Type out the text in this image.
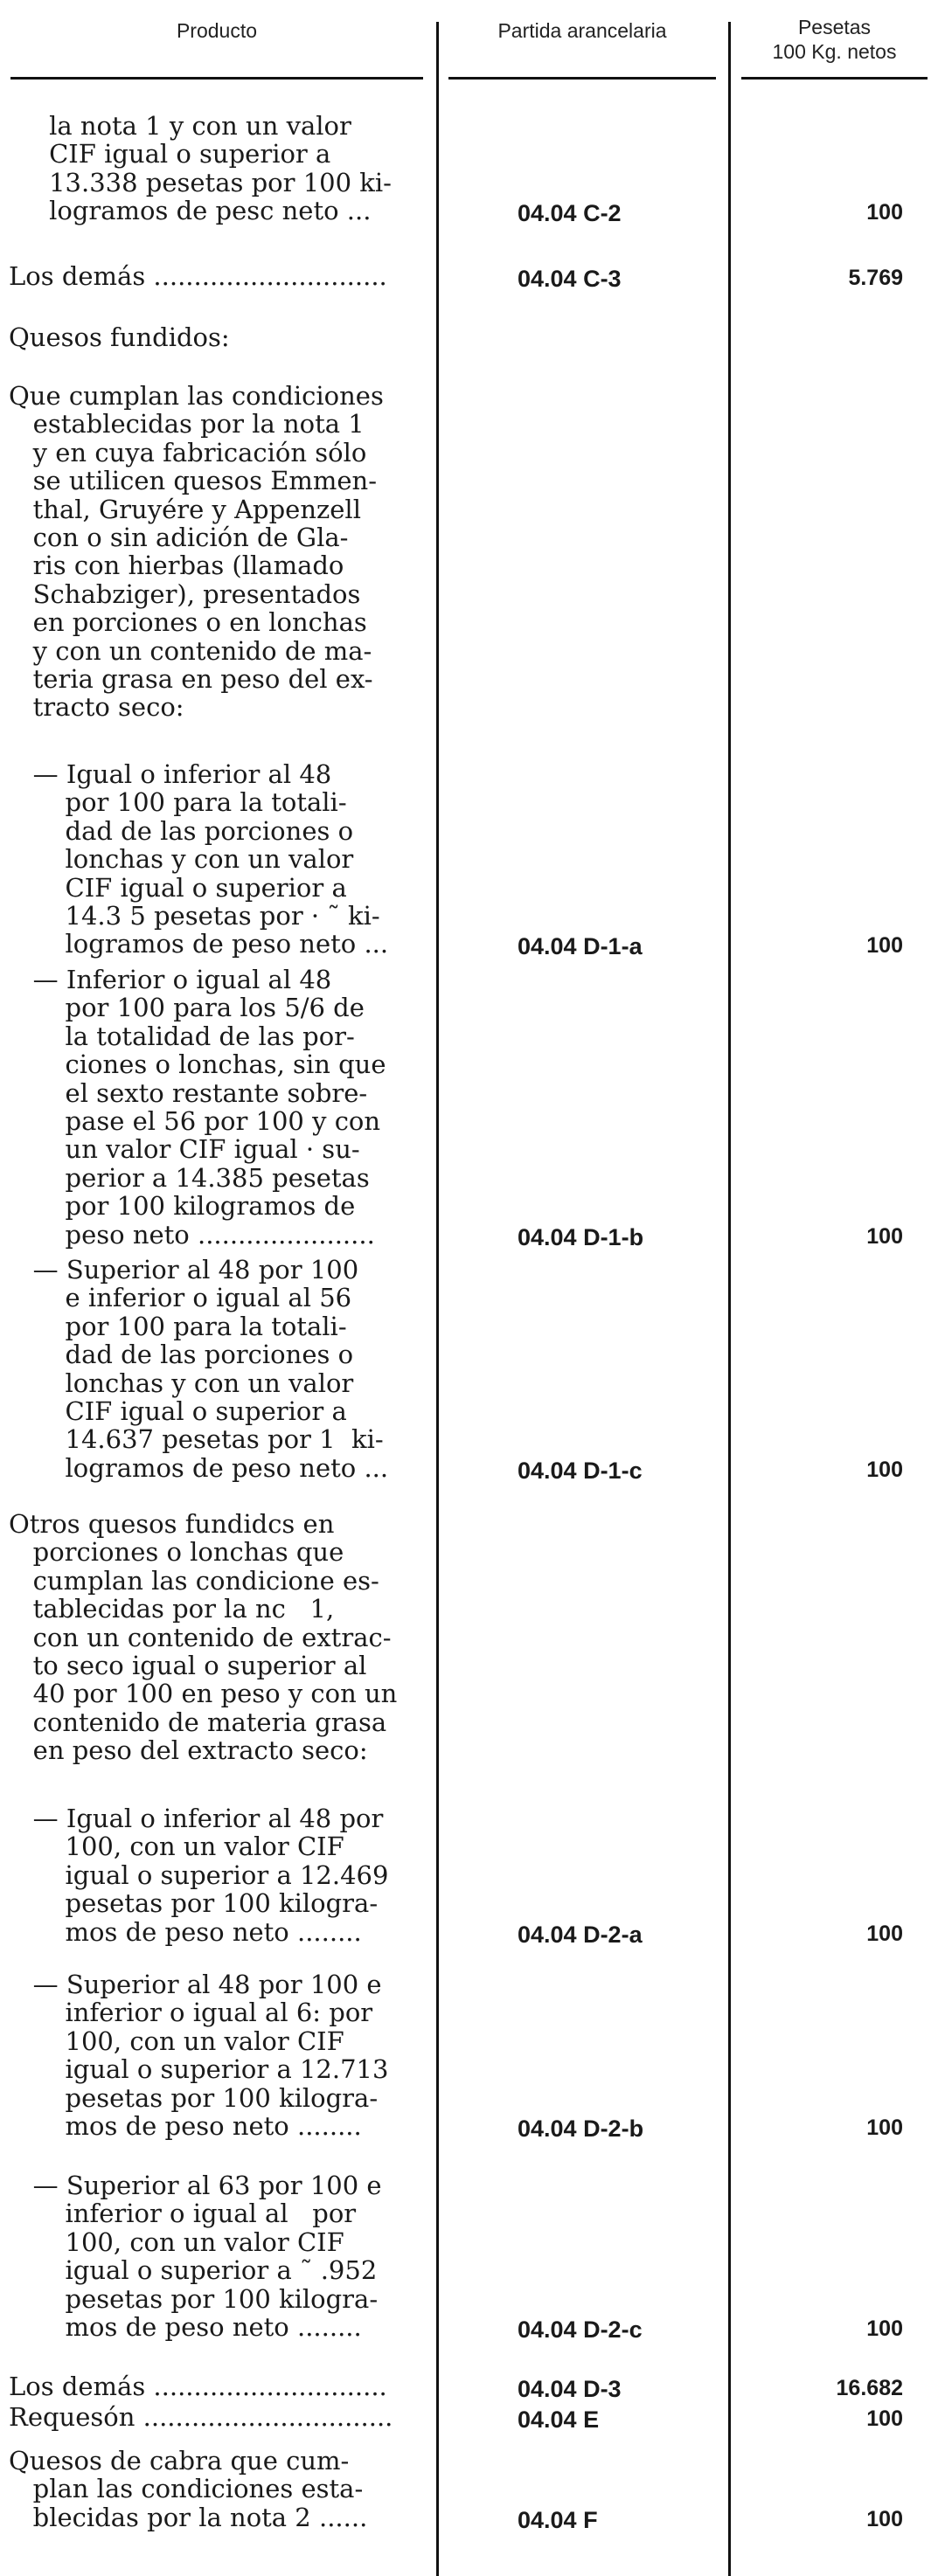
Producto	Partida arancelaria	Pesetas
100 Kg. netos
la nota 1 y con un valor
CIF igual o superior a
13.338 pesetas por 100 ki-
logramos de pesc neto ...	04.04 C-2	100
Los demás .............................	04.04 C-3	5.769
Quesos fundidos:
Que cumplan las condiciones
establecidas por la nota 1
y en cuya fabricación sólo
se utilicen quesos Emmen-
thal, Gruyére y Appenzell
con o sin adición de Gla-
ris con hierbas (llamado
Schabziger), presentados
en porciones o en lonchas
y con un contenido de ma-
teria grasa en peso del ex-
tracto seco:
— Igual o inferior al 48
por 100 para la totali-
dad de las porciones o
lonchas y con un valor
CIF igual o superior a
14.3⁠ ⁠5 pesetas por · ˜ ki-
logramos de peso neto ...	04.04 D-1-a	100
— Inferior o igual al 48
por 100 para los 5/6 de
la totalidad de las por-
ciones o lonchas, sin que
el sexto restante sobre-
pase el 56 por 100 y con
un valor CIF igual · su-
perior a 14.385 pesetas
por 100 kilogramos de
peso neto ......................	04.04 D-1-b	100
— Superior al 48 por 100
e inferior o igual al 56
por 100 para la totali-
dad de las porciones o
lonchas y con un valor
CIF igual o superior a
14.637 pesetas por 1  ki-
logramos de peso neto ...	04.04 D-1-c	100
Otros quesos fundidcs en
porciones o lonchas que
cumplan las condicione es-
tablecidas por la nc   1,
con un contenido de extrac-
to seco igual o superior al
40 por 100 en peso y con un
contenido de materia grasa
en peso del extracto seco:
— Igual o inferior al 48 por
100, con un valor CIF
igual o superior a 12.469
pesetas por 100 kilogra-
mos de peso neto ........	04.04 D-2-a	100
— Superior al 48 por 100 e
inferior o igual al 6: por
100, con un valor CIF
igual o superior a 12.713
pesetas por 100 kilogra-
mos de peso neto ........	04.04 D-2-b	100
— Superior al 63 por 100 e
inferior o igual al   por
100, con un valor CIF
igual o superior a ˜ .952
pesetas por 100 kilogra-
mos de peso neto ........	04.04 D-2-c	100
Los demás .............................	04.04 D-3	16.682
Requesón ...............................	04.04 E	100
Quesos de cabra que cum-
plan las condiciones esta-
blecidas por la nota 2 ......	04.04 F	100
